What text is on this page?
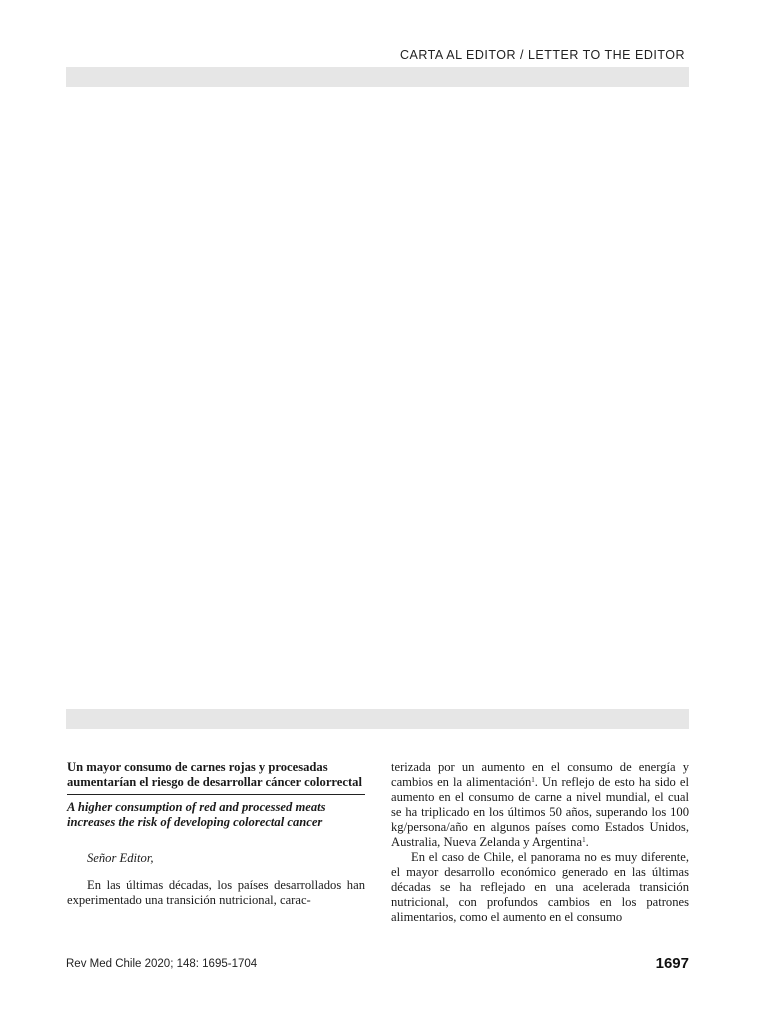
CARTA AL EDITOR / LETTER TO THE EDITOR

Un mayor consumo de carnes rojas y procesadas aumentarían el riesgo de desarrollar cáncer colorrectal

A higher consumption of red and processed meats increases the risk of developing colorectal cancer

Señor Editor,

En las últimas décadas, los países desarrollados han experimentado una transición nutricional, carac-

terizada por un aumento en el consumo de energía y cambios en la alimentación$^1$. Un reflejo de esto ha sido el aumento en el consumo de carne a nivel mundial, el cual se ha triplicado en los últimos 50 años, superando los 100 kg/persona/año en algunos países como Estados Unidos, Australia, Nueva Zelanda y Argentina$^1$.

En el caso de Chile, el panorama no es muy diferente, el mayor desarrollo económico generado en las últimas décadas se ha reflejado en una acelerada transición nutricional, con profundos cambios en los patrones alimentarios, como el aumento en el consumo

Rev Med Chile 2020; 148: 1695-1704	1697
